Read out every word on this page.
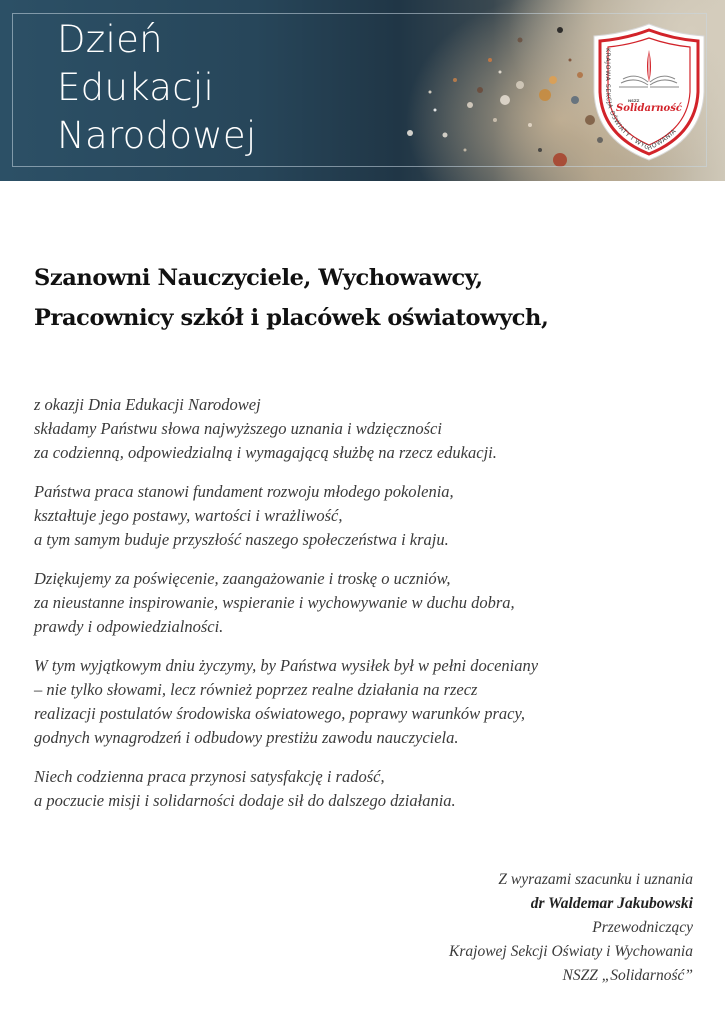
Dzień
Edukacji
Narodowej
KRAJOWA SEKCJA OŚWIATY I WYCHOWANIA
NSZZ
Solidarność
Szanowni Nauczyciele, Wychowawcy,
Pracownicy szkół i placówek oświatowych,

z okazji Dnia Edukacji Narodowej
składamy Państwu słowa najwyższego uznania i wdzięczności
za codzienną, odpowiedzialną i wymagającą służbę na rzecz edukacji.

Państwa praca stanowi fundament rozwoju młodego pokolenia,
kształtuje jego postawy, wartości i wrażliwość,
a tym samym buduje przyszłość naszego społeczeństwa i kraju.

Dziękujemy za poświęcenie, zaangażowanie i troskę o uczniów,
za nieustanne inspirowanie, wspieranie i wychowywanie w duchu dobra,
prawdy i odpowiedzialności.

W tym wyjątkowym dniu życzymy, by Państwa wysiłek był w pełni doceniany
– nie tylko słowami, lecz również poprzez realne działania na rzecz
realizacji postulatów środowiska oświatowego, poprawy warunków pracy,
godnych wynagrodzeń i odbudowy prestiżu zawodu nauczyciela.

Niech codzienna praca przynosi satysfakcję i radość,
a poczucie misji i solidarności dodaje sił do dalszego działania.

Z wyrazami szacunku i uznania
dr Waldemar Jakubowski
Przewodniczący
Krajowej Sekcji Oświaty i Wychowania
NSZZ „Solidarność”
